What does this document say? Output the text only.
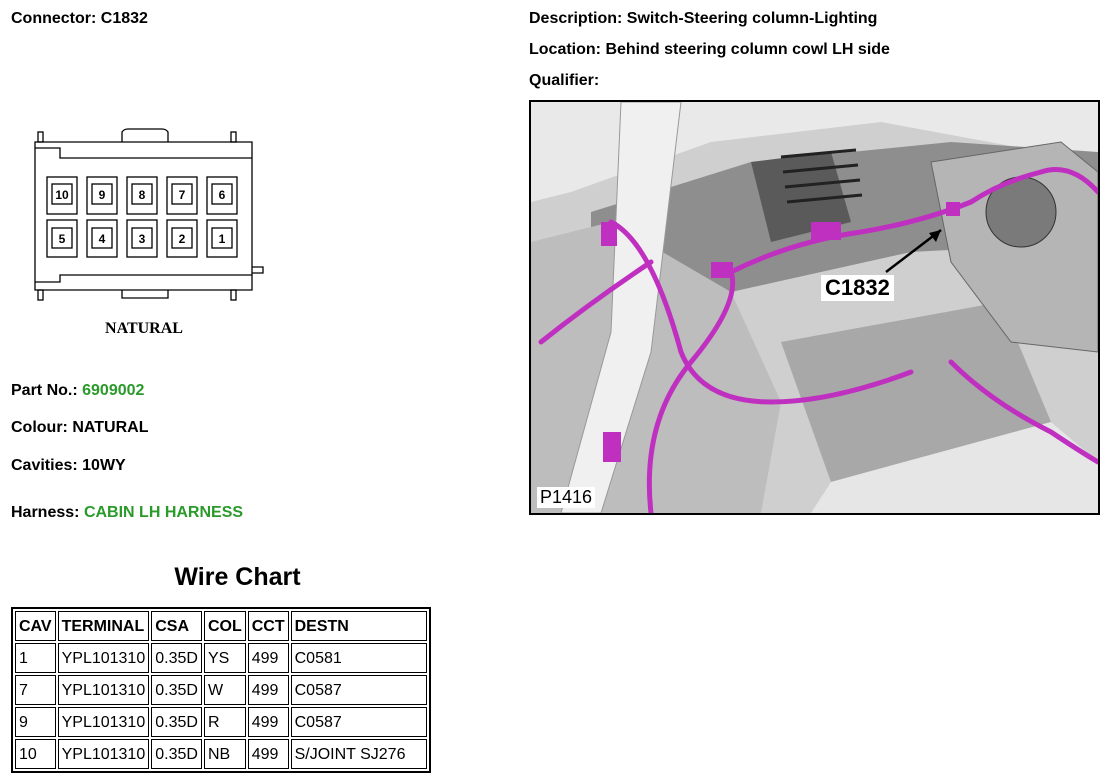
Connector: C1832	Description: Switch-Steering column-Lighting
Location: Behind steering column cowl LH side
Qualifier:
10 9	8	7	6
5	4	3	2	1
NATURAL
C1832
P1416
Part No.: 6909002
Colour: NATURAL
Cavities: 10WY
Harness: CABIN LH HARNESS
Wire Chart
CAV	TERMINAL	CSA	COL	CCT	DESTN
1	YPL101310	0.35D	YS	499	C0581
7	YPL101310	0.35D	W	499	C0587
9	YPL101310	0.35D	R	499	C0587
10	YPL101310	0.35D	NB	499	S/JOINT SJ276
